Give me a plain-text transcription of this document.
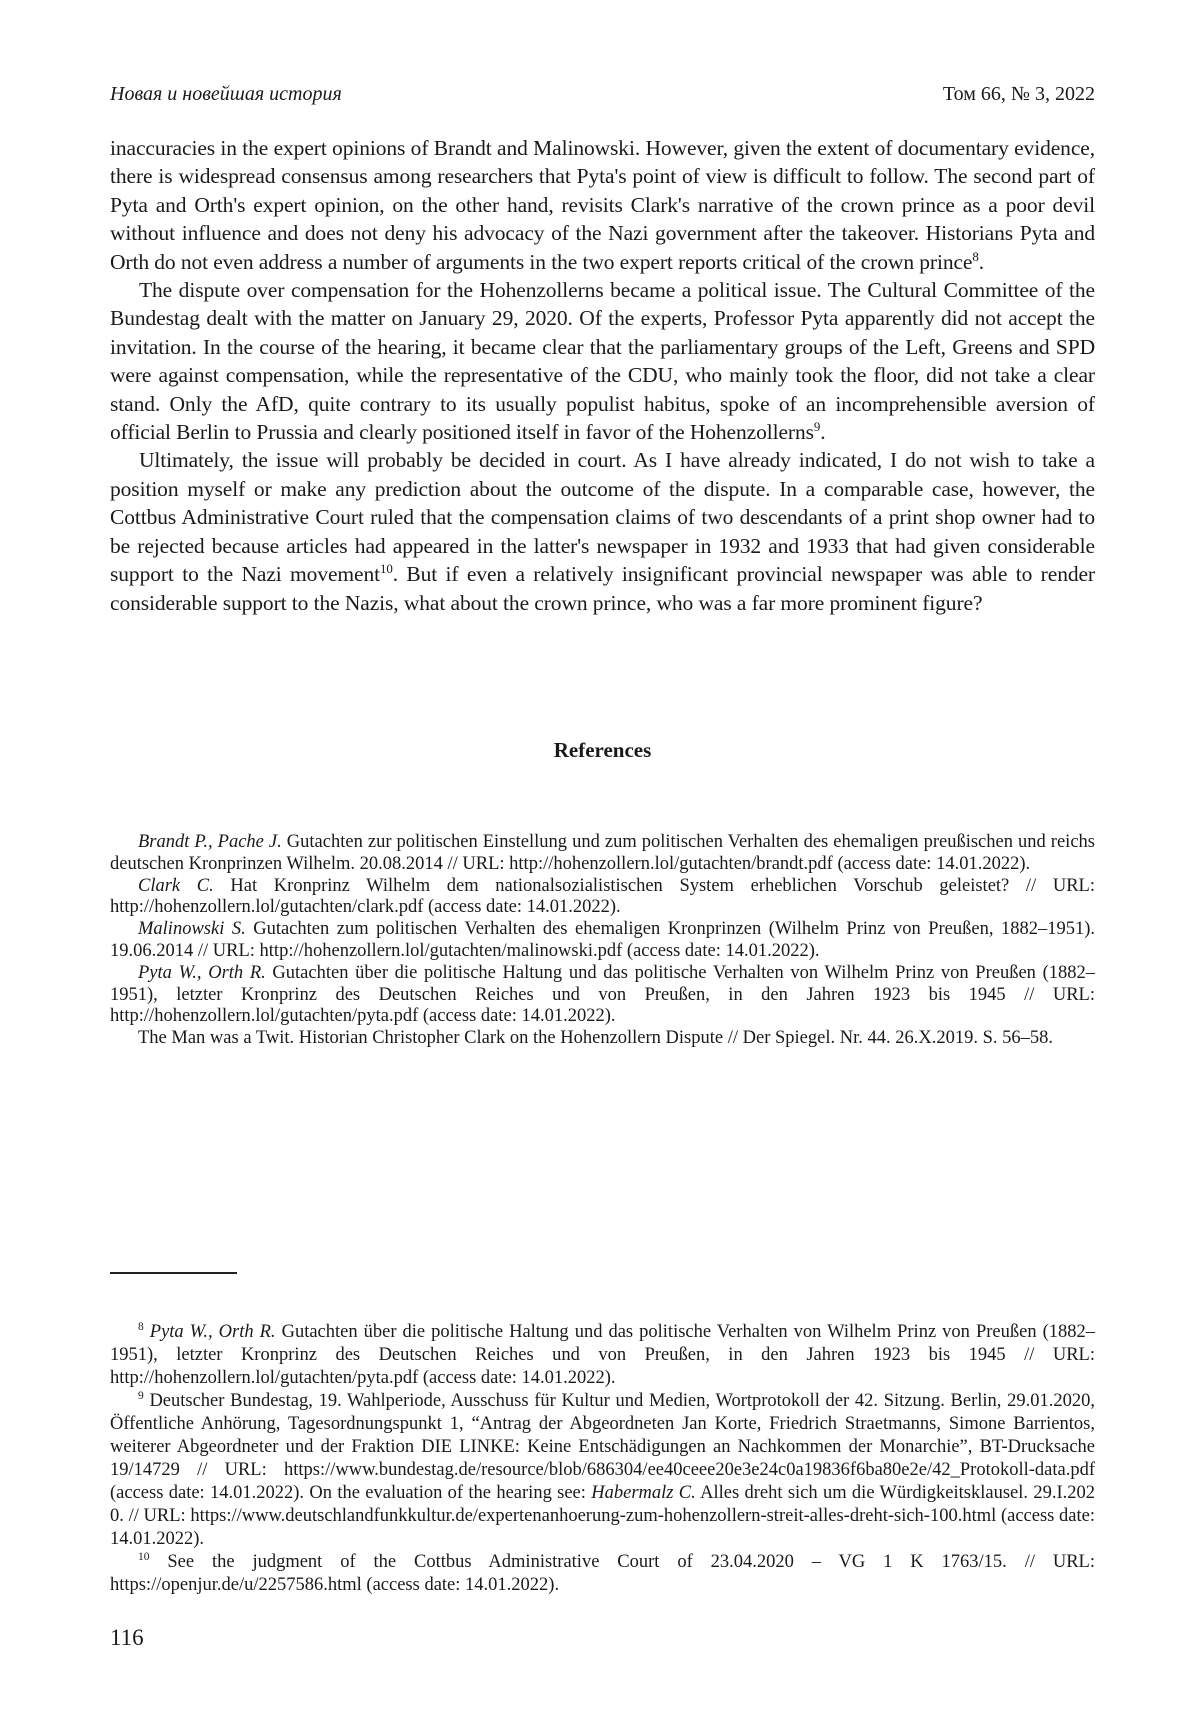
Новая и новейшая история	Том 66, № 3, 2022

inaccuracies in the expert opinions of Brandt and Malinowski. However, given the extent of documentary evidence, there is widespread consensus among researchers that Pyta's point of view is difficult to follow. The second part of Pyta and Orth's expert opinion, on the other hand, revisits Clark's narrative of the crown prince as a poor devil without influence and does not deny his advocacy of the Nazi government after the takeover. Historians Pyta and Orth do not even address a number of arguments in the two expert reports critical of the crown prince$^8$.

The dispute over compensation for the Hohenzollerns became a political issue. The Cultural Committee of the Bundestag dealt with the matter on January 29, 2020. Of the experts, Professor Pyta apparently did not accept the invitation. In the course of the hearing, it became clear that the parliamentary groups of the Left, Greens and SPD were against compensation, while the representative of the CDU, who mainly took the floor, did not take a clear stand. Only the AfD, quite contrary to its usually populist habitus, spoke of an incomprehensible aversion of official Berlin to Prussia and clearly positioned itself in favor of the Hohenzollerns$^9$.

Ultimately, the issue will probably be decided in court. As I have already indicated, I do not wish to take a position myself or make any prediction about the outcome of the dispute. In a comparable case, however, the Cottbus Administrative Court ruled that the compensation claims of two descendants of a print shop owner had to be rejected because articles had appeared in the latter's newspaper in 1932 and 1933 that had given considerable support to the Nazi movement$^{10}$. But if even a relatively insignificant provincial newspaper was able to render considerable support to the Nazis, what about the crown prince, who was a far more prominent figure?

References

Brandt P., Pache J. Gutachten zur politischen Einstellung und zum politischen Verhalten des ehemaligen preußischen und reichsdeutschen Kronprinzen Wilhelm. 20.08.2014 // URL: http://hohenzollern.lol/gutachten/brandt.pdf (access date: 14.01.2022).

Clark C. Hat Kronprinz Wilhelm dem nationalsozialistischen System erheblichen Vorschub geleistet? // URL: http://hohenzollern.lol/gutachten/clark.pdf (access date: 14.01.2022).

Malinowski S. Gutachten zum politischen Verhalten des ehemaligen Kronprinzen (Wilhelm Prinz von Preußen, 1882–1951). 19.06.2014 // URL: http://hohenzollern.lol/gutachten/malinowski.pdf (access date: 14.01.2022).

Pyta W., Orth R. Gutachten über die politische Haltung und das politische Verhalten von Wilhelm Prinz von Preußen (1882–1951), letzter Kronprinz des Deutschen Reiches und von Preußen, in den Jahren 1923 bis 1945 // URL: http://hohenzollern.lol/gutachten/pyta.pdf (access date: 14.01.2022).

The Man was a Twit. Historian Christopher Clark on the Hohenzollern Dispute // Der Spiegel. Nr. 44. 26.X.2019. S. 56–58.

$^8$ Pyta W., Orth R. Gutachten über die politische Haltung und das politische Verhalten von Wilhelm Prinz von Preußen (1882–1951), letzter Kronprinz des Deutschen Reiches und von Preußen, in den Jahren 1923 bis 1945 // URL: http://hohenzollern.lol/gutachten/pyta.pdf (access date: 14.01.2022).

$^9$ Deutscher Bundestag, 19. Wahlperiode, Ausschuss für Kultur und Medien, Wortprotokoll der 42. Sitzung. Berlin, 29.01.2020, Öffentliche Anhörung, Tagesordnungspunkt 1, “Antrag der Abgeordneten Jan Korte, Friedrich Straetmanns, Simone Barrientos, weiterer Abgeordneter und der Fraktion DIE LINKE: Keine Entschädigungen an Nachkommen der Monarchie”, BT-Drucksache 19/14729 // URL: https://www.bundestag.de/resource/blob/686304/ee40ceee20e3e24c0a19836f6ba80e2e/42_Protokoll-data.pdf (access date: 14.01.2022). On the evaluation of the hearing see: Habermalz C. Alles dreht sich um die Würdigkeitsklausel. 29.I.2020. // URL: https://www.deutschlandfunkkultur.de/expertenanhoerung-zum-hohenzollern-streit-alles-dreht-sich-100.html (access date: 14.01.2022).

$^{10}$ See the judgment of the Cottbus Administrative Court of 23.04.2020 – VG 1 K 1763/15. // URL: https://openjur.de/u/2257586.html (access date: 14.01.2022).

116
